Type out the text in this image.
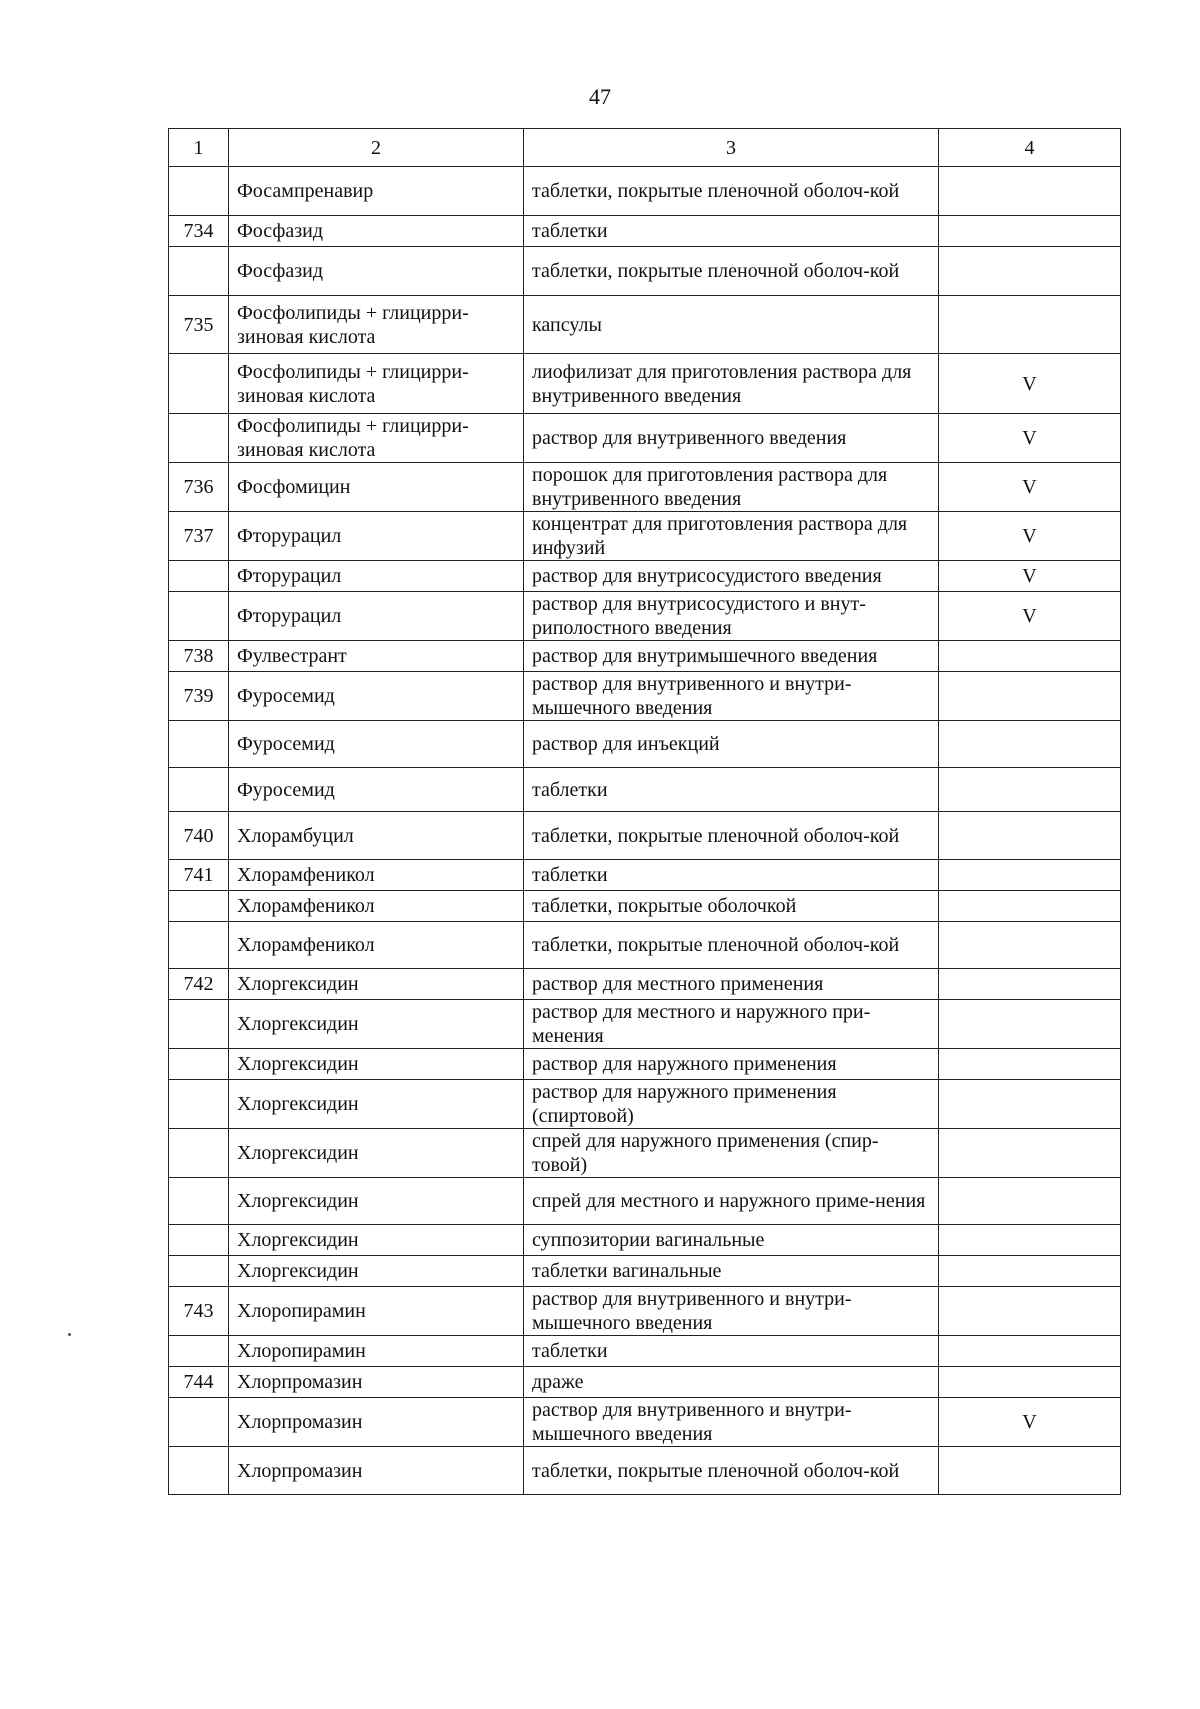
47
1	2	3	4
	Фосампренавир	таблетки, покрытые пленочной оболоч-кой	
734	Фосфазид	таблетки	
	Фосфазид	таблетки, покрытые пленочной оболоч-кой	
735	Фосфолипиды + глицирри-зиновая кислота	капсулы	
	Фосфолипиды + глицирри-зиновая кислота	лиофилизат для приготовления раствора для внутривенного введения	V
	Фосфолипиды + глицирри-зиновая кислота	раствор для внутривенного введения	V
736	Фосфомицин	порошок для приготовления раствора для внутривенного введения	V
737	Фторурацил	концентрат для приготовления раствора для инфузий	V
	Фторурацил	раствор для внутрисосудистого введения	V
	Фторурацил	раствор для внутрисосудистого и внут-риполостного введения	V
738	Фулвестрант	раствор для внутримышечного введения	
739	Фуросемид	раствор для внутривенного и внутри-мышечного введения	
	Фуросемид	раствор для инъекций	
	Фуросемид	таблетки	
740	Хлорамбуцил	таблетки, покрытые пленочной оболоч-кой	
741	Хлорамфеникол	таблетки	
	Хлорамфеникол	таблетки, покрытые оболочкой	
	Хлорамфеникол	таблетки, покрытые пленочной оболоч-кой	
742	Хлоргексидин	раствор для местного применения	
	Хлоргексидин	раствор для местного и наружного при-менения	
	Хлоргексидин	раствор для наружного применения	
	Хлоргексидин	раствор для наружного применения (спиртовой)	
	Хлоргексидин	спрей для наружного применения (спир-товой)	
	Хлоргексидин	спрей для местного и наружного приме-нения	
	Хлоргексидин	суппозитории вагинальные	
	Хлоргексидин	таблетки вагинальные	
743	Хлоропирамин	раствор для внутривенного и внутри-мышечного введения	
	Хлоропирамин	таблетки	
744	Хлорпромазин	драже	
	Хлорпромазин	раствор для внутривенного и внутри-мышечного введения	V
	Хлорпромазин	таблетки, покрытые пленочной оболоч-кой	
